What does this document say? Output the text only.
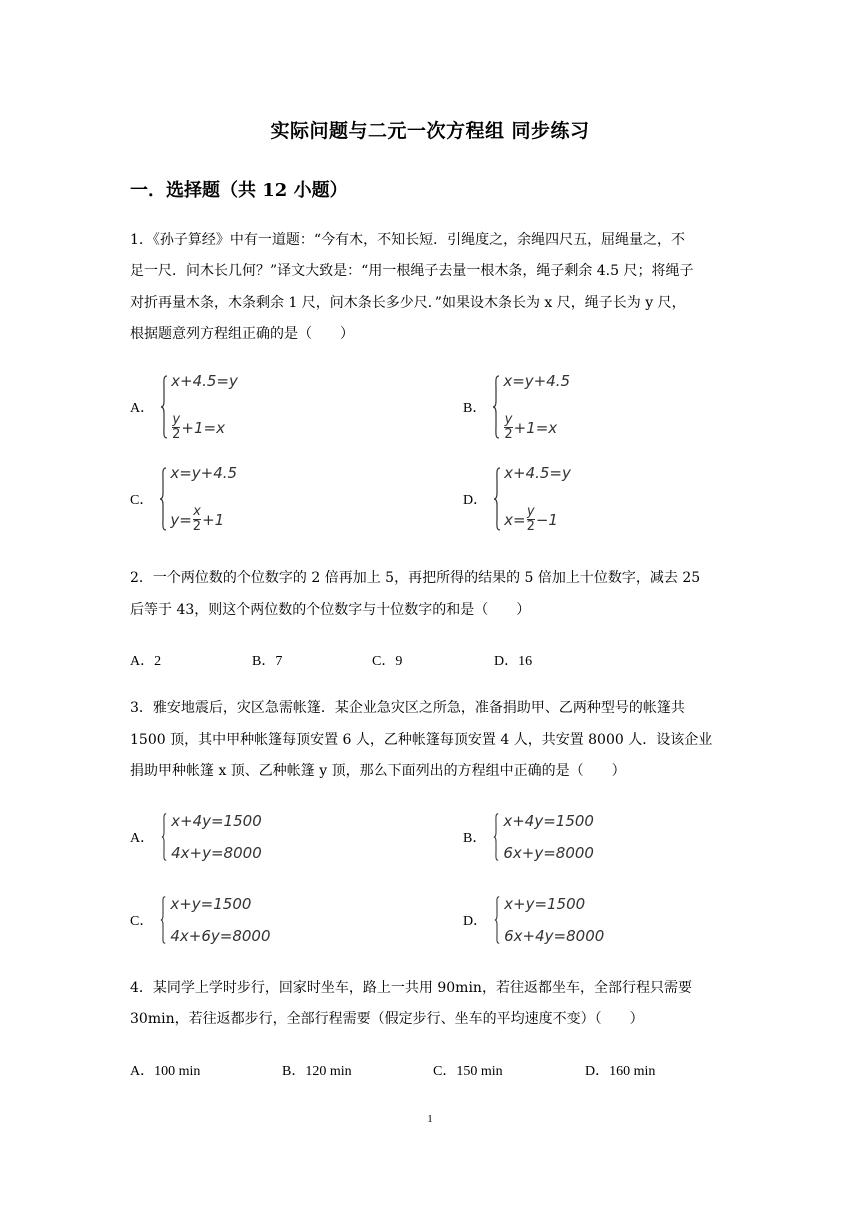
实际问题与二元一次方程组 同步练习
一．选择题（共 12 小题）
1．《孙子算经》中有一道题：“今有木，不知长短．引绳度之，余绳四尺五，屈绳量之，不
足一尺．问木长几何？”译文大致是：“用一根绳子去量一根木条，绳子剩余 4.5 尺；将绳子
对折再量木条，木条剩余 1 尺，问木条长多少尺．”如果设木条长为 x 尺，绳子长为 y 尺，
根据题意列方程组正确的是（　　）
A．
x+4.5=y
$\frac{y}{2} +1=x$
B．
x=y+4.5
$\frac{y}{2} +1=x$
C．
x=y+4.5
$y= \frac{x}{2} +1$
D．
x+4.5=y
$x= \frac{y}{2} -1$
2．一个两位数的个位数字的 2 倍再加上 5，再把所得的结果的 5 倍加上十位数字，减去 25
后等于 43，则这个两位数的个位数字与十位数字的和是（　　）
A．2	B．7	C．9	D．16
3．雅安地震后，灾区急需帐篷．某企业急灾区之所急，准备捐助甲、乙两种型号的帐篷共
1500 顶，其中甲种帐篷每顶安置 6 人，乙种帐篷每顶安置 4 人，共安置 8000 人．设该企业
捐助甲种帐篷 x 顶、乙种帐篷 y 顶，那么下面列出的方程组中正确的是（　　）
A．
x+4y=1500
4x+y=8000
B．
x+4y=1500
6x+y=8000
C．
x+y=1500
4x+6y=8000
D．
x+y=1500
6x+4y=8000
4．某同学上学时步行，回家时坐车，路上一共用 90min，若往返都坐车，全部行程只需要
30min，若往返都步行，全部行程需要（假定步行、坐车的平均速度不变）（　　）
A．100 min	B．120 min	C．150 min	D．160 min
1
